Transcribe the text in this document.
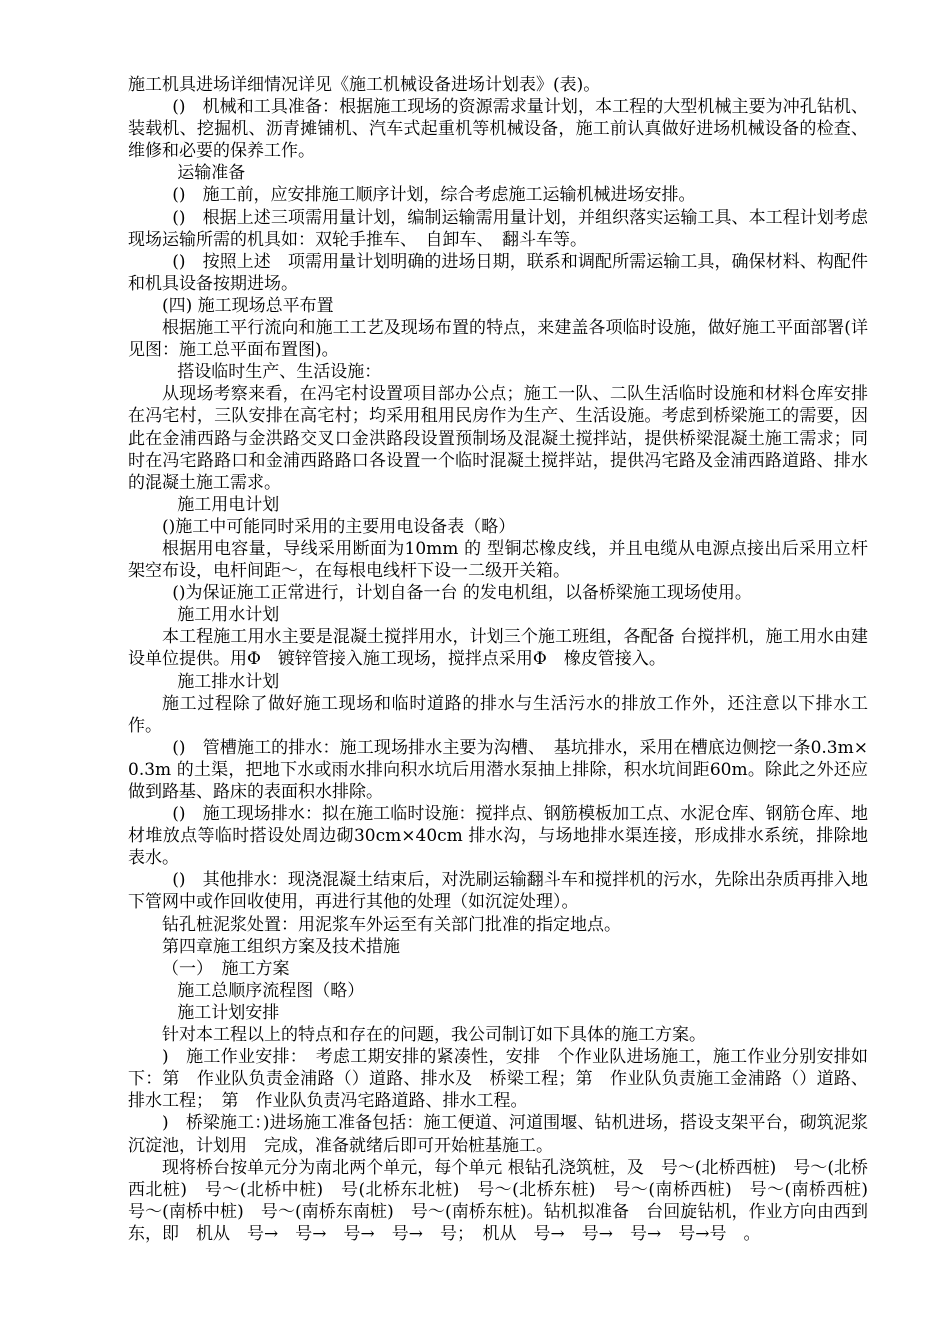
施工机具进场详细情况详见《施工机械设备进场计划表》(表)。

()　机械和工具准备：根据施工现场的资源需求量计划，本工程的大型机械主要为冲孔钻机、装载机、挖掘机、沥青摊铺机、汽车式起重机等机械设备，施工前认真做好进场机械设备的检查、维修和必要的保养工作。

运输准备

()　施工前，应安排施工顺序计划，综合考虑施工运输机械进场安排。

()　根据上述三项需用量计划，编制运输需用量计划，并组织落实运输工具、本工程计划考虑现场运输所需的机具如：双轮手推车、　自卸车、　翻斗车等。

()　按照上述　项需用量计划明确的进场日期，联系和调配所需运输工具，确保材料、构配件和机具设备按期进场。

(四) 施工现场总平布置

根据施工平行流向和施工工艺及现场布置的特点，来建盖各项临时设施，做好施工平面部署(详见图：施工总平面布置图)。

搭设临时生产、生活设施：

从现场考察来看，在冯宅村设置项目部办公点；施工一队、二队生活临时设施和材料仓库安排在冯宅村，三队安排在高宅村；均采用租用民房作为生产、生活设施。考虑到桥梁施工的需要，因此在金浦西路与金洪路交叉口金洪路段设置预制场及混凝土搅拌站，提供桥梁混凝土施工需求；同时在冯宅路路口和金浦西路路口各设置一个临时混凝土搅拌站，提供冯宅路及金浦西路道路、排水的混凝土施工需求。

施工用电计划

()施工中可能同时采用的主要用电设备表（略）

根据用电容量，导线采用断面为10mm 的 型铜芯橡皮线，并且电缆从电源点接出后采用立杆架空布设，电杆间距～，在每根电线杆下设一二级开关箱。

()为保证施工正常进行，计划自备一台 的发电机组，以备桥梁施工现场使用。

施工用水计划

本工程施工用水主要是混凝土搅拌用水，计划三个施工班组，各配备 台搅拌机，施工用水由建设单位提供。用Φ　镀锌管接入施工现场，搅拌点采用Φ　橡皮管接入。

施工排水计划

施工过程除了做好施工现场和临时道路的排水与生活污水的排放工作外，还注意以下排水工作。

()　管槽施工的排水：施工现场排水主要为沟槽、　基坑排水，采用在槽底边侧挖一条0.3m×0.3m 的土渠，把地下水或雨水排向积水坑后用潜水泵抽上排除，积水坑间距60m。除此之外还应做到路基、路床的表面积水排除。

()　施工现场排水：拟在施工临时设施：搅拌点、钢筋模板加工点、水泥仓库、钢筋仓库、地材堆放点等临时搭设处周边砌30cm×40cm 排水沟，与场地排水渠连接，形成排水系统，排除地表水。

()　其他排水：现浇混凝土结束后，对洗刷运输翻斗车和搅拌机的污水，先除出杂质再排入地下管网中或作回收使用，再进行其他的处理（如沉淀处理）。

钻孔桩泥浆处置：用泥浆车外运至有关部门批准的指定地点。

第四章施工组织方案及技术措施

（一）　施工方案

施工总顺序流程图（略）

施工计划安排

针对本工程以上的特点和存在的问题，我公司制订如下具体的施工方案。

)　施工作业安排：　考虑工期安排的紧凑性，安排　个作业队进场施工，施工作业分别安排如下：第　作业队负责金浦路（）道路、排水及　桥梁工程；第　作业队负责施工金浦路（）道路、排水工程；　第　作业队负责冯宅路道路、排水工程。

)　桥梁施工：)进场施工准备包括：施工便道、河道围堰、钻机进场，搭设支架平台，砌筑泥浆沉淀池，计划用　完成，准备就绪后即可开始桩基施工。

现将桥台按单元分为南北两个单元，每个单元 根钻孔浇筑桩，及　号～(北桥西桩)　号～(北桥西北桩)　号～(北桥中桩)　号(北桥东北桩)　号～(北桥东桩)　号～(南桥西桩)　号～(南桥西桩)　号～(南桥中桩)　号～(南桥东南桩)　号～(南桥东桩)。钻机拟准备　台回旋钻机，作业方向由西到东，即　机从　号→　号→　号→　号→　号；　机从　号→　号→　号→　号→号　。
